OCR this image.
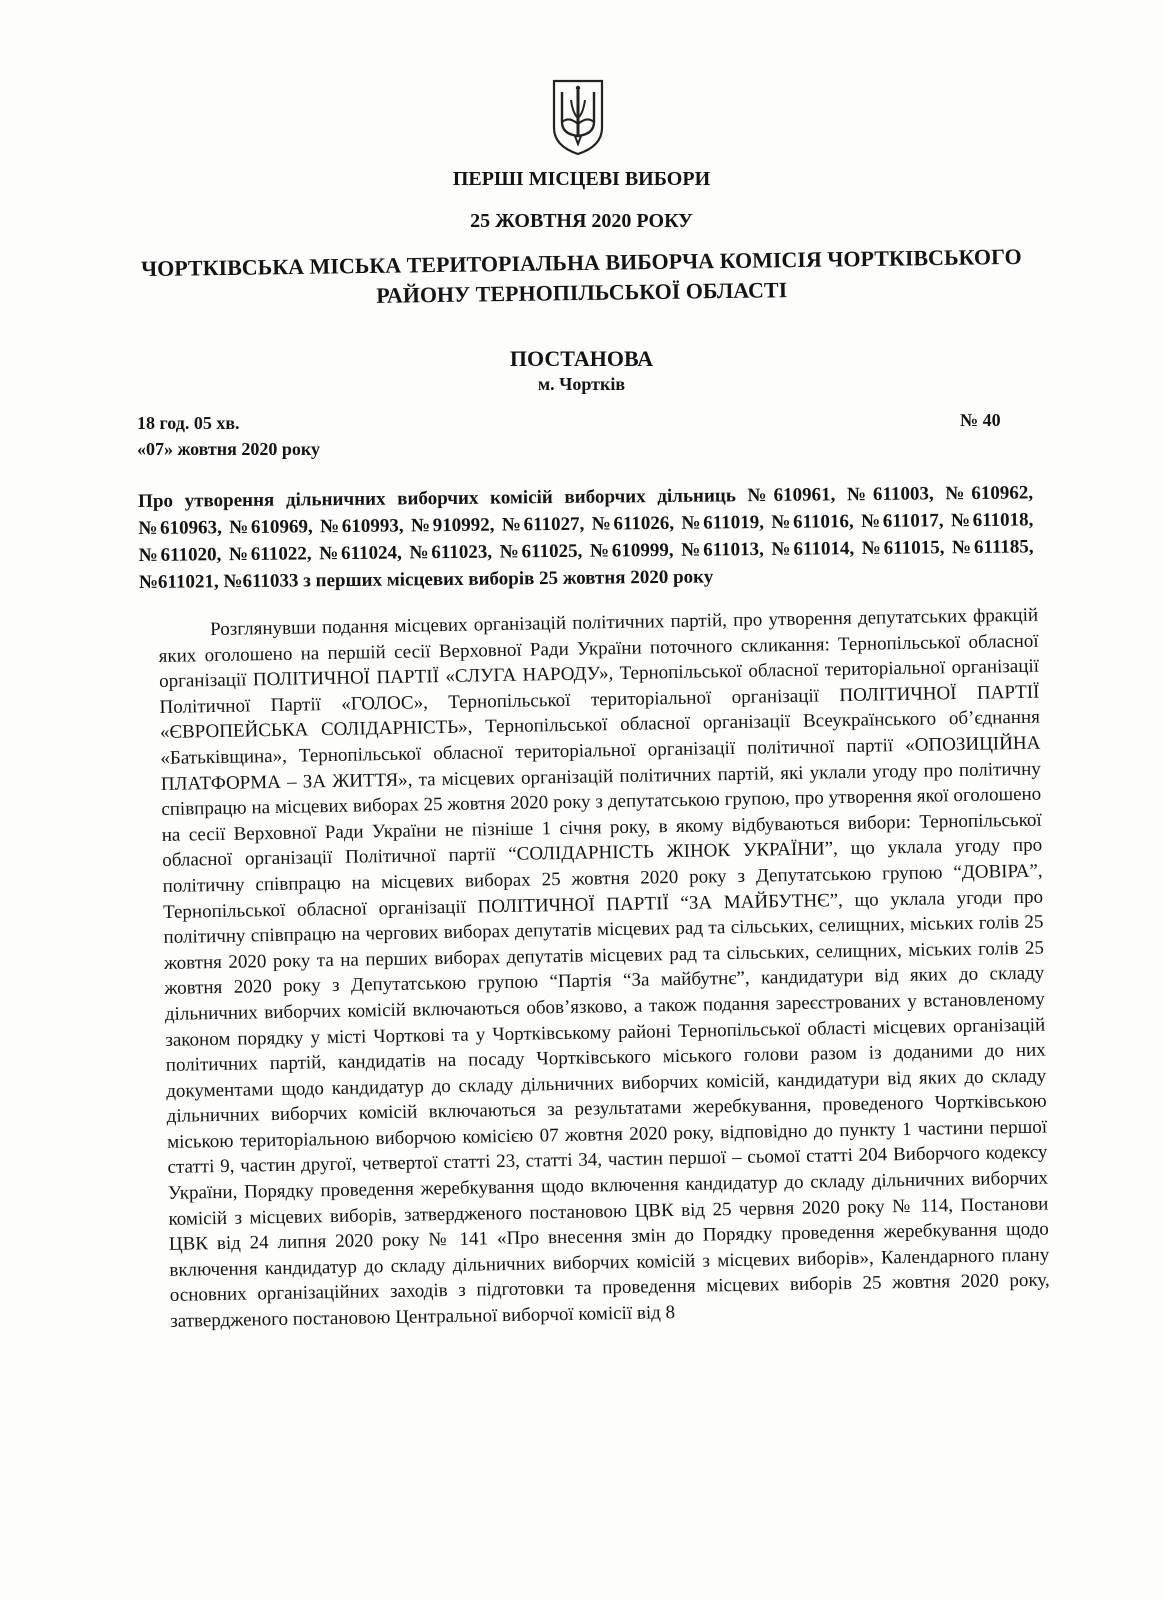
ПЕРШІ МІСЦЕВІ ВИБОРИ
25 ЖОВТНЯ 2020 РОКУ
ЧОРТКІВСЬКА МІСЬКА ТЕРИТОРІАЛЬНА ВИБОРЧА КОМІСІЯ ЧОРТКІВСЬКОГО
РАЙОНУ ТЕРНОПІЛЬСЬКОЇ ОБЛАСТІ
ПОСТАНОВА
м. Чортків
18 год. 05 хв.
«07» жовтня 2020 року
№ 40
Про утворення дільничних виборчих комісій виборчих дільниць №610961, №611003, №610962, №610963, №610969, №610993, №910992, №611027, №611026, №611019, №611016, №611017, №611018, №611020, №611022, №611024, №611023, №611025, №610999, №611013, №611014, №611015, №611185, №611021, №611033 з перших місцевих виборів 25 жовтня 2020 року
Розглянувши подання місцевих організацій політичних партій, про утворення депутатських фракцій яких оголошено на першій сесії Верховної Ради України поточного скликання: Тернопільської обласної організації ПОЛІТИЧНОЇ ПАРТІЇ «СЛУГА НАРОДУ», Тернопільської обласної територіальної організації Політичної Партії «ГОЛОС», Тернопільської територіальної організації ПОЛІТИЧНОЇ ПАРТІЇ «ЄВРОПЕЙСЬКА СОЛІДАРНІСТЬ», Тернопільської обласної організації Всеукраїнського об’єднання «Батьківщина», Тернопільської обласної територіальної організації політичної партії «ОПОЗИЦІЙНА ПЛАТФОРМА – ЗА ЖИТТЯ», та місцевих організацій політичних партій, які уклали угоду про політичну співпрацю на місцевих виборах 25 жовтня 2020 року з депутатською групою, про утворення якої оголошено на сесії Верховної Ради України не пізніше 1 січня року, в якому відбуваються вибори: Тернопільської обласної організації Політичної партії “СОЛІДАРНІСТЬ ЖІНОК УКРАЇНИ”, що уклала угоду про політичну співпрацю на місцевих виборах 25 жовтня 2020 року з Депутатською групою “ДОВІРА”, Тернопільської обласної організації ПОЛІТИЧНОЇ ПАРТІЇ “ЗА МАЙБУТНЄ”, що уклала угоди про політичну співпрацю на чергових виборах депутатів місцевих рад та сільських, селищних, міських голів 25 жовтня 2020 року та на перших виборах депутатів місцевих рад та сільських, селищних, міських голів 25 жовтня 2020 року з Депутатською групою “Партія “За майбутнє”, кандидатури від яких до складу дільничних виборчих комісій включаються обов’язково, а також подання зареєстрованих у встановленому законом порядку у місті Чорткові та у Чортківському районі Тернопільської області місцевих організацій політичних партій, кандидатів на посаду Чортківського міського голови разом із доданими до них документами щодо кандидатур до складу дільничних виборчих комісій, кандидатури від яких до складу дільничних виборчих комісій включаються за результатами жеребкування, проведеного Чортківською міською територіальною виборчою комісією 07 жовтня 2020 року, відповідно до пункту 1 частини першої статті 9, частин другої, четвертої статті 23, статті 34, частин першої – сьомої статті 204 Виборчого кодексу України, Порядку проведення жеребкування щодо включення кандидатур до складу дільничних виборчих комісій з місцевих виборів, затвердженого постановою ЦВК від 25 червня 2020 року № 114, Постанови ЦВК від 24 липня 2020 року № 141 «Про внесення змін до Порядку проведення жеребкування щодо включення кандидатур до складу дільничних виборчих комісій з місцевих виборів», Календарного плану основних організаційних заходів з підготовки та проведення місцевих виборів 25 жовтня 2020 року, затвердженого постановою Центральної виборчої комісії від 8
